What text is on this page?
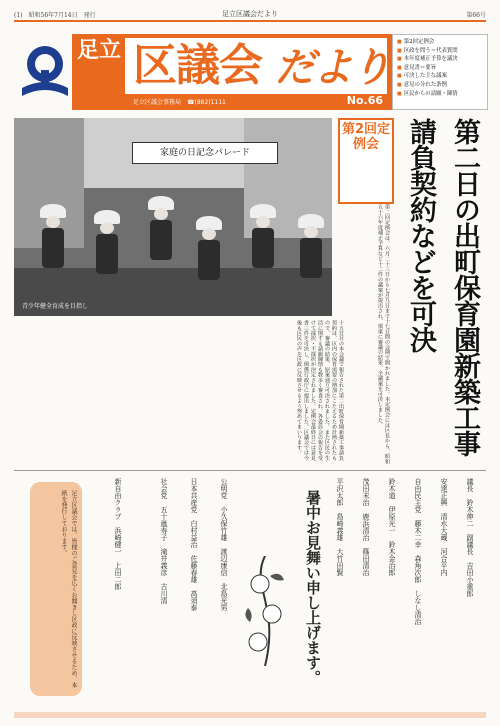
(1)　昭和56年7月14日　発行	足立区議会だより	第66号
足立 区議会 だより
足立区議会事務局　☎(882)1111	No.66
■ 第2回定例会
■ 区政を問う＝代表質問
■ 本年度補正予算を議決
■ 意見書＝要旨
■ 可決した主な議案
■ 意見の分れた条例
■ 区民からの請願・陳情
家庭の日記念パレード
青少年健全育成を目指し
第2回定例会
第二回定例会は、六月二十三日から七月九日まで十七日間の会期で開かれました。本定例会には区長から、昭和五十六年度補正予算など十二件の議案が提出され、慎重に審議の結果、全議案を可決しました。
十五日目の本会議で報告された第二出町保育園新築工事請負契約は、区内の保育需要の増加にこたえるため計画されたもので、審議の結果、原案通り可決されました。また区民の生活に関する請願陳情も数多く審査され、各委員会の報告を受けて採択・不採択が決定されました。定例会最終日には意見書三件を可決し、関係行政庁に提出しました。区議会では今後も区民の声を区政に反映させるよう努めてまいります。	第二日の出町保育園新築工事請負契約などを可決
足立区議会では、皆様のご意見を広くお聞きし区政に反映させるため、本紙を発行しております。	議長　鈴木伸二　副議長　吉田小重郎
安達正興　清水大蔵　河合平内
自由民主党　藤木二幸　森角次郎　しなし清治
鈴木道　伊原光一　鈴木金治郎
茂田末治　鹿浜清治　篠田清治
平沢太郎　島崎義雄　大竹田賢
暑中お見舞い申し上げます。
公明党　小久保竹雄　渡辺康信　北島光男
日本共産党　白村益治　佐藤春雄　高須泰
社会党　五十嵐寿子　滝井義彦　古川清
新自由クラブ　浜崎健一　上田二郎
